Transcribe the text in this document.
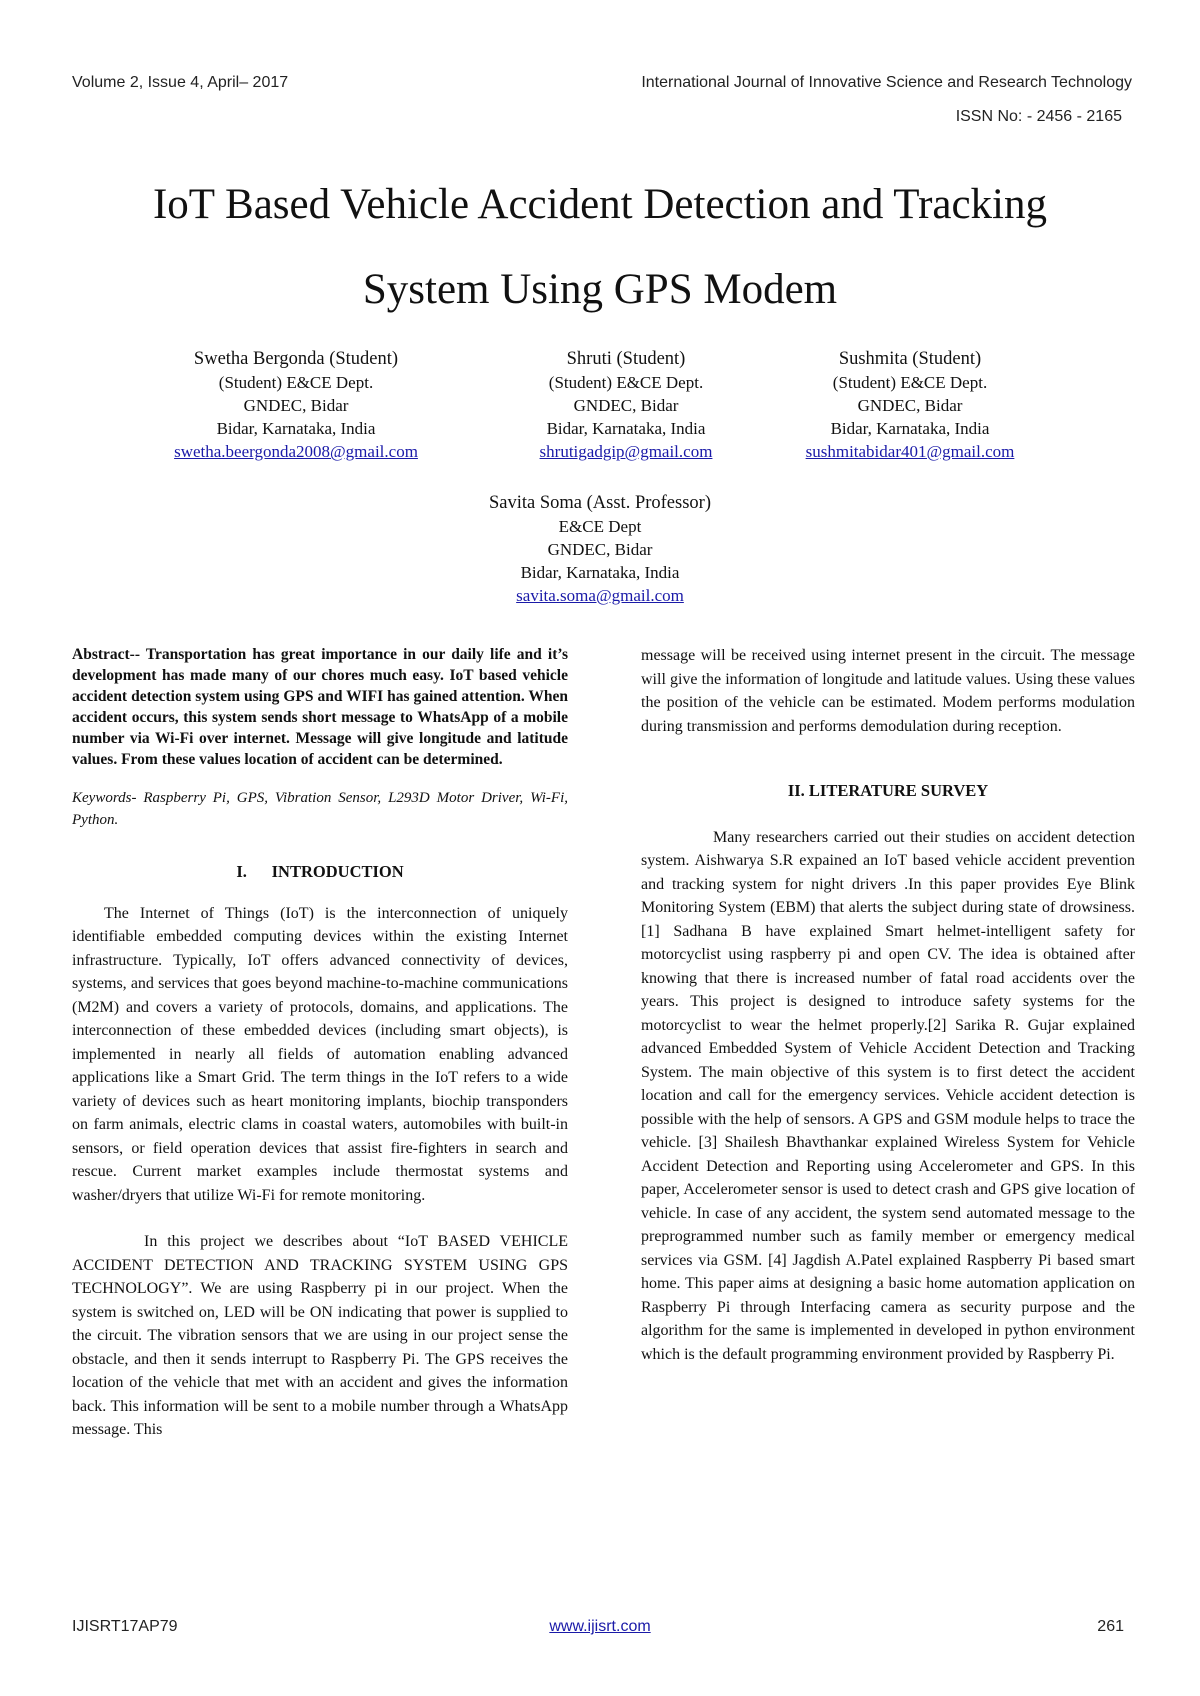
Volume 2, Issue 4, April– 2017	International Journal of Innovative Science and Research Technology
ISSN No: - 2456 - 2165
IoT Based Vehicle Accident Detection and Tracking
System Using GPS Modem
Swetha Bergonda (Student)
(Student) E&CE Dept.
GNDEC, Bidar
Bidar, Karnataka, India
swetha.beergonda2008@gmail.com
Shruti (Student)
(Student) E&CE Dept.
GNDEC, Bidar
Bidar, Karnataka, India
shrutigadgip@gmail.com
Sushmita (Student)
(Student) E&CE Dept.
GNDEC, Bidar
Bidar, Karnataka, India
sushmitabidar401@gmail.com
Savita Soma (Asst. Professor)
E&CE Dept
GNDEC, Bidar
Bidar, Karnataka, India
savita.soma@gmail.com

Abstract-- Transportation has great importance in our daily life and it’s development has made many of our chores much easy. IoT based vehicle accident detection system using GPS and WIFI has gained attention. When accident occurs, this system sends short message to WhatsApp of a mobile number via Wi-Fi over internet. Message will give longitude and latitude values. From these values location of accident can be determined.

Keywords- Raspberry Pi, GPS, Vibration Sensor, L293D Motor Driver, Wi-Fi, Python.

I.      INTRODUCTION

The Internet of Things (IoT) is the interconnection of uniquely identifiable embedded computing devices within the existing Internet infrastructure. Typically, IoT offers advanced connectivity of devices, systems, and services that goes beyond machine-to-machine communications (M2M) and covers a variety of protocols, domains, and applications. The interconnection of these embedded devices (including smart objects), is implemented in nearly all fields of automation enabling advanced applications like a Smart Grid. The term things in the IoT refers to a wide variety of devices such as heart monitoring implants, biochip transponders on farm animals, electric clams in coastal waters, automobiles with built-in sensors, or field operation devices that assist fire-fighters in search and rescue. Current market examples include thermostat systems and washer/dryers that utilize Wi-Fi for remote monitoring.

In this project we describes about “IoT BASED VEHICLE ACCIDENT DETECTION AND TRACKING SYSTEM USING GPS TECHNOLOGY”. We are using Raspberry pi in our project. When the system is switched on, LED will be ON indicating that power is supplied to the circuit. The vibration sensors that we are using in our project sense the obstacle, and then it sends interrupt to Raspberry Pi. The GPS receives the location of the vehicle that met with an accident and gives the information back. This information will be sent to a mobile number through a WhatsApp message. This

message will be received using internet present in the circuit. The message will give the information of longitude and latitude values. Using these values the position of the vehicle can be estimated. Modem performs modulation during transmission and performs demodulation during reception.

II. LITERATURE SURVEY

Many researchers carried out their studies on accident detection system. Aishwarya S.R expained an IoT based vehicle accident prevention and tracking system for night drivers .In this paper provides Eye Blink Monitoring System (EBM) that alerts the subject during state of drowsiness.[1] Sadhana B have explained Smart helmet-intelligent safety for motorcyclist using raspberry pi and open CV. The idea is obtained after knowing that there is increased number of fatal road accidents over the years. This project is designed to introduce safety systems for the motorcyclist to wear the helmet properly.[2] Sarika R. Gujar explained advanced Embedded System of Vehicle Accident Detection and Tracking System. The main objective of this system is to first detect the accident location and call for the emergency services. Vehicle accident detection is possible with the help of sensors. A GPS and GSM module helps to trace the vehicle. [3] Shailesh Bhavthankar explained Wireless System for Vehicle Accident Detection and Reporting using Accelerometer and GPS. In this paper, Accelerometer sensor is used to detect crash and GPS give location of vehicle. In case of any accident, the system send automated message to the preprogrammed number such as family member or emergency medical services via GSM. [4] Jagdish A.Patel explained Raspberry Pi based smart home. This paper aims at designing a basic home automation application on Raspberry Pi through Interfacing camera as security purpose and the algorithm for the same is implemented in developed in python environment which is the default programming environment provided by Raspberry Pi.

IJISRT17AP79	www.ijisrt.com	261
